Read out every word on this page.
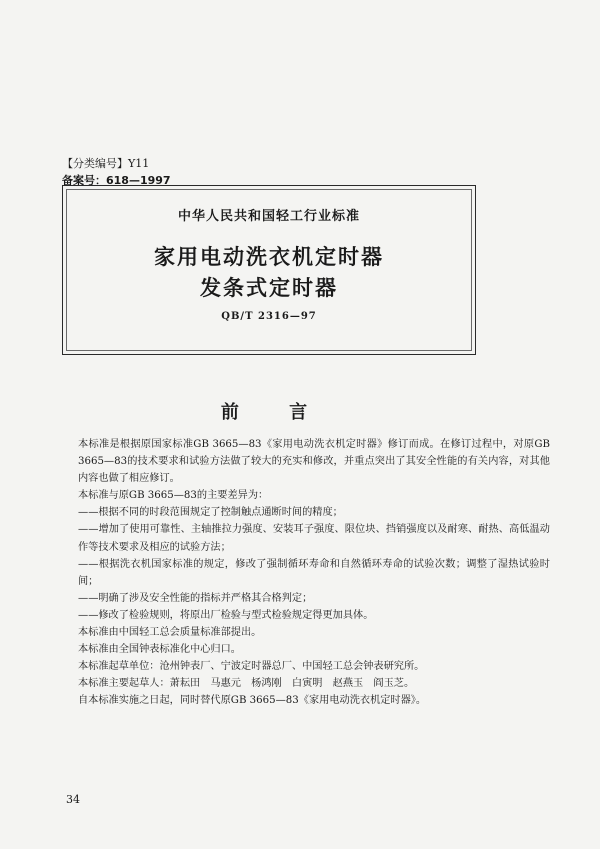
【分类编号】Y11
备案号：618—1997
中华人民共和国轻工行业标准
家用电动洗衣机定时器
发条式定时器
QB/T 2316—97
前 言

本标准是根据原国家标准GB 3665—83《家用电动洗衣机定时器》修订而成。在修订过程中，对原GB 3665—83的技术要求和试验方法做了较大的充实和修改，并重点突出了其安全性能的有关内容，对其他内容也做了相应修订。

本标准与原GB 3665—83的主要差异为：

——根据不同的时段范围规定了控制触点通断时间的精度；

——增加了使用可靠性、主轴推拉力强度、安装耳子强度、限位块、挡销强度以及耐寒、耐热、高低温动作等技术要求及相应的试验方法；

——根据洗衣机国家标准的规定，修改了强制循环寿命和自然循环寿命的试验次数；调整了湿热试验时间；

——明确了涉及安全性能的指标并严格其合格判定；

——修改了检验规则，将原出厂检验与型式检验规定得更加具体。

本标准由中国轻工总会质量标准部提出。

本标准由全国钟表标准化中心归口。

本标准起草单位：沧州钟表厂、宁波定时器总厂、中国轻工总会钟表研究所。

本标准主要起草人：萧耘田　马惠元　杨鸿刚　白寅明　赵燕玉　阎玉芝。

自本标准实施之日起，同时替代原GB 3665—83《家用电动洗衣机定时器》。

34
